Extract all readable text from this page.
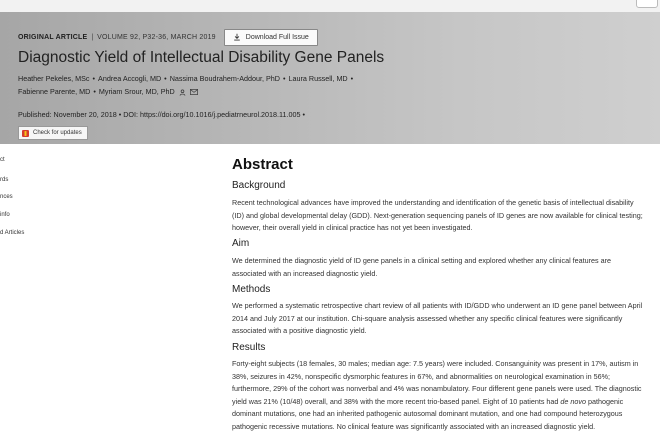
ORIGINAL ARTICLE | VOLUME 92, P32-36, MARCH 2019	Download Full Issue
Diagnostic Yield of Intellectual Disability Gene Panels
Heather Pekeles, MSc • Andrea Accogli, MD • Nassima Boudrahem-Addour, PhD • Laura Russell, MD •
Fabienne Parente, MD • Myriam Srour, MD, PhD
Published: November 20, 2018 • DOI: https://doi.org/10.1016/j.pediatrneurol.2018.11.005 •
Check for updates
ct
rds
nces
info
d Articles
Abstract
Background

Recent technological advances have improved the understanding and identification of the genetic basis of intellectual disability (ID) and global developmental delay (GDD). Next-generation sequencing panels of ID genes are now available for clinical testing; however, their overall yield in clinical practice has not yet been investigated.

Aim

We determined the diagnostic yield of ID gene panels in a clinical setting and explored whether any clinical features are associated with an increased diagnostic yield.

Methods

We performed a systematic retrospective chart review of all patients with ID/GDD who underwent an ID gene panel between April 2014 and July 2017 at our institution. Chi-square analysis assessed whether any specific clinical features were significantly associated with a positive diagnostic yield.

Results

Forty-eight subjects (18 females, 30 males; median age: 7.5 years) were included. Consanguinity was present in 17%, autism in 38%, seizures in 42%, nonspecific dysmorphic features in 67%, and abnormalities on neurological examination in 56%; furthermore, 29% of the cohort was nonverbal and 4% was nonambulatory. Four different gene panels were used. The diagnostic yield was 21% (10/48) overall, and 38% with the more recent trio-based panel. Eight of 10 patients had de novo pathogenic dominant mutations, one had an inherited pathogenic autosomal dominant mutation, and one had compound heterozygous pathogenic recessive mutations. No clinical feature was significantly associated with an increased diagnostic yield.
